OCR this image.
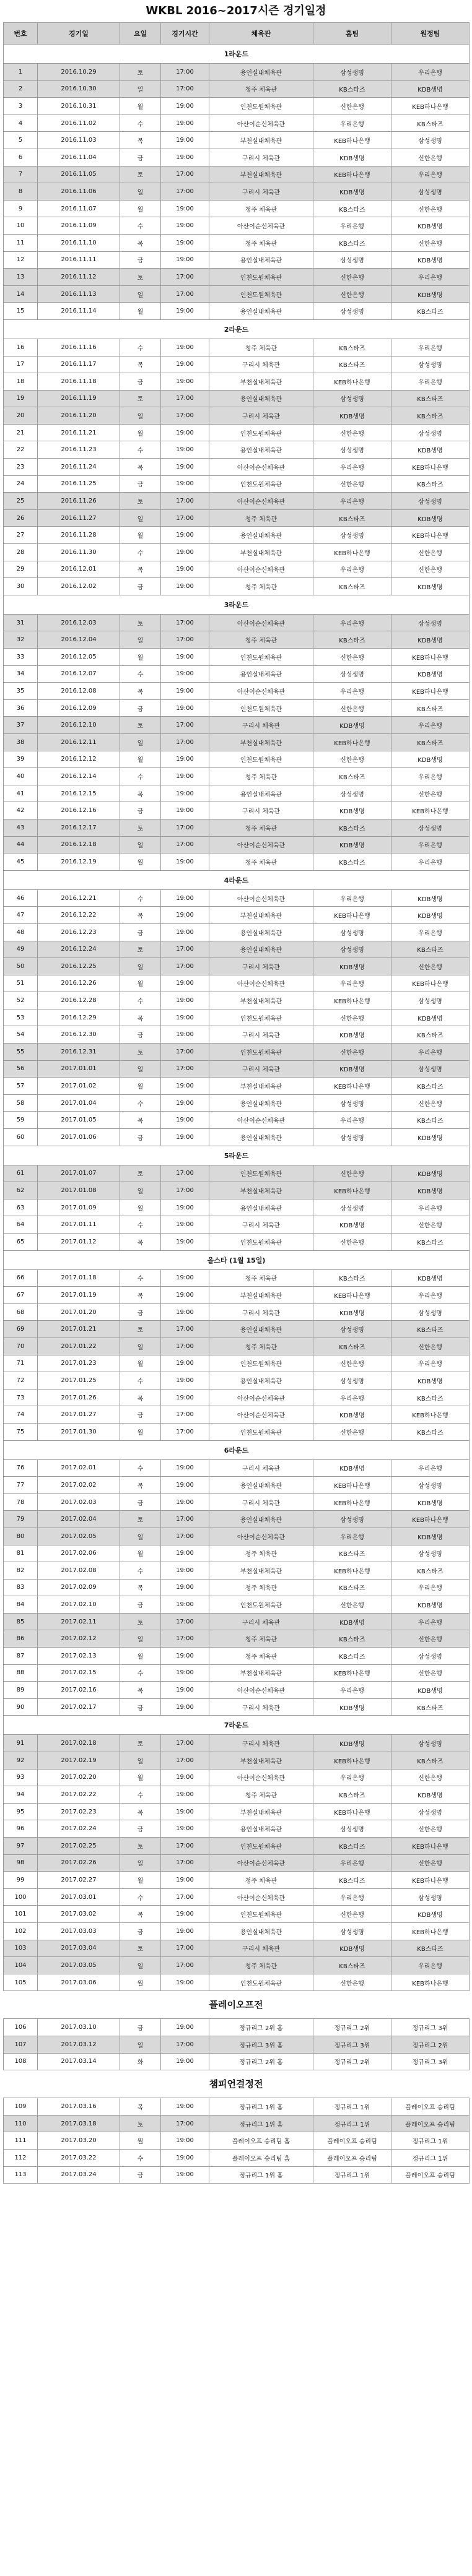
WKBL 2016~2017시즌 경기일정
번호	경기일	요일	경기시간	체육관	홈팀	원정팀
1라운드						
1	2016.10.29	토	17:00	용인실내체육관	삼성생명	우리은행
2	2016.10.30	일	17:00	청주 체육관	KB스타즈	KDB생명
3	2016.10.31	월	19:00	인천도원체육관	신한은행	KEB하나은행
4	2016.11.02	수	19:00	아산이순신체육관	우리은행	KB스타즈
5	2016.11.03	목	19:00	부천실내체육관	KEB하나은행	삼성생명
6	2016.11.04	금	19:00	구리시 체육관	KDB생명	신한은행
7	2016.11.05	토	17:00	부천실내체육관	KEB하나은행	우리은행
8	2016.11.06	일	17:00	구리시 체육관	KDB생명	삼성생명
9	2016.11.07	월	19:00	청주 체육관	KB스타즈	신한은행
10	2016.11.09	수	19:00	아산이순신체육관	우리은행	KDB생명
11	2016.11.10	목	19:00	청주 체육관	KB스타즈	신한은행
12	2016.11.11	금	19:00	용인실내체육관	삼성생명	KDB생명
13	2016.11.12	토	17:00	인천도원체육관	신한은행	우리은행
14	2016.11.13	일	17:00	인천도원체육관	신한은행	KDB생명
15	2016.11.14	월	19:00	용인실내체육관	삼성생명	KB스타즈
2라운드						
16	2016.11.16	수	19:00	청주 체육관	KB스타즈	우리은행
17	2016.11.17	목	19:00	구리시 체육관	KB스타즈	삼성생명
18	2016.11.18	금	19:00	부천실내체육관	KEB하나은행	우리은행
19	2016.11.19	토	17:00	용인실내체육관	삼성생명	KB스타즈
20	2016.11.20	일	17:00	구리시 체육관	KDB생명	KB스타즈
21	2016.11.21	월	19:00	인천도원체육관	신한은행	삼성생명
22	2016.11.23	수	19:00	용인실내체육관	삼성생명	KDB생명
23	2016.11.24	목	19:00	아산이순신체육관	우리은행	KEB하나은행
24	2016.11.25	금	19:00	인천도원체육관	신한은행	KB스타즈
25	2016.11.26	토	17:00	아산이순신체육관	우리은행	삼성생명
26	2016.11.27	일	17:00	청주 체육관	KB스타즈	KDB생명
27	2016.11.28	월	19:00	용인실내체육관	삼성생명	KEB하나은행
28	2016.11.30	수	19:00	부천실내체육관	KEB하나은행	신한은행
29	2016.12.01	목	19:00	아산이순신체육관	우리은행	신한은행
30	2016.12.02	금	19:00	청주 체육관	KB스타즈	KDB생명
3라운드						
31	2016.12.03	토	17:00	아산이순신체육관	우리은행	삼성생명
32	2016.12.04	일	17:00	청주 체육관	KB스타즈	KDB생명
33	2016.12.05	월	19:00	인천도원체육관	신한은행	KEB하나은행
34	2016.12.07	수	19:00	용인실내체육관	삼성생명	KDB생명
35	2016.12.08	목	19:00	아산이순신체육관	우리은행	KEB하나은행
36	2016.12.09	금	19:00	인천도원체육관	신한은행	KB스타즈
37	2016.12.10	토	17:00	구리시 체육관	KDB생명	우리은행
38	2016.12.11	일	17:00	부천실내체육관	KEB하나은행	KB스타즈
39	2016.12.12	월	19:00	인천도원체육관	신한은행	KDB생명
40	2016.12.14	수	19:00	청주 체육관	KB스타즈	우리은행
41	2016.12.15	목	19:00	용인실내체육관	삼성생명	신한은행
42	2016.12.16	금	19:00	구리시 체육관	KDB생명	KEB하나은행
43	2016.12.17	토	17:00	청주 체육관	KB스타즈	삼성생명
44	2016.12.18	일	17:00	아산이순신체육관	KDB생명	우리은행
45	2016.12.19	월	19:00	청주 체육관	KB스타즈	우리은행
4라운드						
46	2016.12.21	수	19:00	아산이순신체육관	우리은행	KDB생명
47	2016.12.22	목	19:00	부천실내체육관	KEB하나은행	KDB생명
48	2016.12.23	금	19:00	용인실내체육관	삼성생명	우리은행
49	2016.12.24	토	17:00	용인실내체육관	삼성생명	KB스타즈
50	2016.12.25	일	17:00	구리시 체육관	KDB생명	신한은행
51	2016.12.26	월	19:00	아산이순신체육관	우리은행	KEB하나은행
52	2016.12.28	수	19:00	부천실내체육관	KEB하나은행	삼성생명
53	2016.12.29	목	19:00	인천도원체육관	신한은행	KDB생명
54	2016.12.30	금	19:00	구리시 체육관	KDB생명	KB스타즈
55	2016.12.31	토	17:00	인천도원체육관	신한은행	우리은행
56	2017.01.01	일	17:00	구리시 체육관	KDB생명	삼성생명
57	2017.01.02	월	19:00	부천실내체육관	KEB하나은행	KB스타즈
58	2017.01.04	수	19:00	용인실내체육관	삼성생명	신한은행
59	2017.01.05	목	19:00	아산이순신체육관	우리은행	KB스타즈
60	2017.01.06	금	19:00	용인실내체육관	삼성생명	KDB생명
5라운드						
61	2017.01.07	토	17:00	인천도원체육관	신한은행	KDB생명
62	2017.01.08	일	17:00	부천실내체육관	KEB하나은행	KDB생명
63	2017.01.09	월	19:00	용인실내체육관	삼성생명	우리은행
64	2017.01.11	수	19:00	구리시 체육관	KDB생명	신한은행
65	2017.01.12	목	19:00	인천도원체육관	신한은행	KB스타즈
올스타 (1월 15일)						
66	2017.01.18	수	19:00	청주 체육관	KB스타즈	KDB생명
67	2017.01.19	목	19:00	부천실내체육관	KEB하나은행	우리은행
68	2017.01.20	금	19:00	구리시 체육관	KDB생명	삼성생명
69	2017.01.21	토	17:00	용인실내체육관	삼성생명	KB스타즈
70	2017.01.22	일	17:00	청주 체육관	KB스타즈	신한은행
71	2017.01.23	월	19:00	인천도원체육관	신한은행	우리은행
72	2017.01.25	수	19:00	용인실내체육관	삼성생명	KDB생명
73	2017.01.26	목	19:00	아산이순신체육관	우리은행	KB스타즈
74	2017.01.27	금	17:00	아산이순신체육관	KDB생명	KEB하나은행
75	2017.01.30	월	17:00	인천도원체육관	신한은행	KB스타즈
6라운드						
76	2017.02.01	수	19:00	구리시 체육관	KDB생명	우리은행
77	2017.02.02	목	19:00	용인실내체육관	KEB하나은행	삼성생명
78	2017.02.03	금	19:00	구리시 체육관	KEB하나은행	KDB생명
79	2017.02.04	토	17:00	용인실내체육관	삼성생명	KEB하나은행
80	2017.02.05	일	17:00	아산이순신체육관	우리은행	KDB생명
81	2017.02.06	월	19:00	청주 체육관	KB스타즈	삼성생명
82	2017.02.08	수	19:00	부천실내체육관	KEB하나은행	KB스타즈
83	2017.02.09	목	19:00	청주 체육관	KB스타즈	우리은행
84	2017.02.10	금	19:00	인천도원체육관	신한은행	KDB생명
85	2017.02.11	토	17:00	구리시 체육관	KDB생명	우리은행
86	2017.02.12	일	17:00	청주 체육관	KB스타즈	신한은행
87	2017.02.13	월	19:00	청주 체육관	KB스타즈	삼성생명
88	2017.02.15	수	19:00	부천실내체육관	KEB하나은행	신한은행
89	2017.02.16	목	19:00	아산이순신체육관	우리은행	KDB생명
90	2017.02.17	금	19:00	구리시 체육관	KDB생명	KB스타즈
7라운드						
91	2017.02.18	토	17:00	구리시 체육관	KDB생명	삼성생명
92	2017.02.19	일	17:00	부천실내체육관	KEB하나은행	KB스타즈
93	2017.02.20	월	19:00	아산이순신체육관	우리은행	신한은행
94	2017.02.22	수	19:00	청주 체육관	KB스타즈	KDB생명
95	2017.02.23	목	19:00	부천실내체육관	KEB하나은행	삼성생명
96	2017.02.24	금	19:00	용인실내체육관	삼성생명	신한은행
97	2017.02.25	토	17:00	인천도원체육관	KB스타즈	KEB하나은행
98	2017.02.26	일	17:00	아산이순신체육관	우리은행	신한은행
99	2017.02.27	월	19:00	청주 체육관	KB스타즈	KEB하나은행
100	2017.03.01	수	17:00	아산이순신체육관	우리은행	삼성생명
101	2017.03.02	목	19:00	인천도원체육관	신한은행	KDB생명
102	2017.03.03	금	19:00	용인실내체육관	삼성생명	KEB하나은행
103	2017.03.04	토	17:00	구리시 체육관	KDB생명	KB스타즈
104	2017.03.05	일	17:00	청주 체육관	KB스타즈	우리은행
105	2017.03.06	월	19:00	인천도원체육관	신한은행	KEB하나은행
플레이오프전
106	2017.03.10	금	19:00	정규리그 2위 홈	정규리그 2위	정규리그 3위
107	2017.03.12	일	17:00	정규리그 3위 홈	정규리그 3위	정규리그 2위
108	2017.03.14	화	19:00	정규리그 2위 홈	정규리그 2위	정규리그 3위
챔피언결정전
109	2017.03.16	목	19:00	정규리그 1위 홈	정규리그 1위	플레이오프 승리팀
110	2017.03.18	토	17:00	정규리그 1위 홈	정규리그 1위	플레이오프 승리팀
111	2017.03.20	월	19:00	플레이오프 승리팀 홈	플레이오프 승리팀	정규리그 1위
112	2017.03.22	수	19:00	플레이오프 승리팀 홈	플레이오프 승리팀	정규리그 1위
113	2017.03.24	금	19:00	정규리그 1위 홈	정규리그 1위	플레이오프 승리팀
